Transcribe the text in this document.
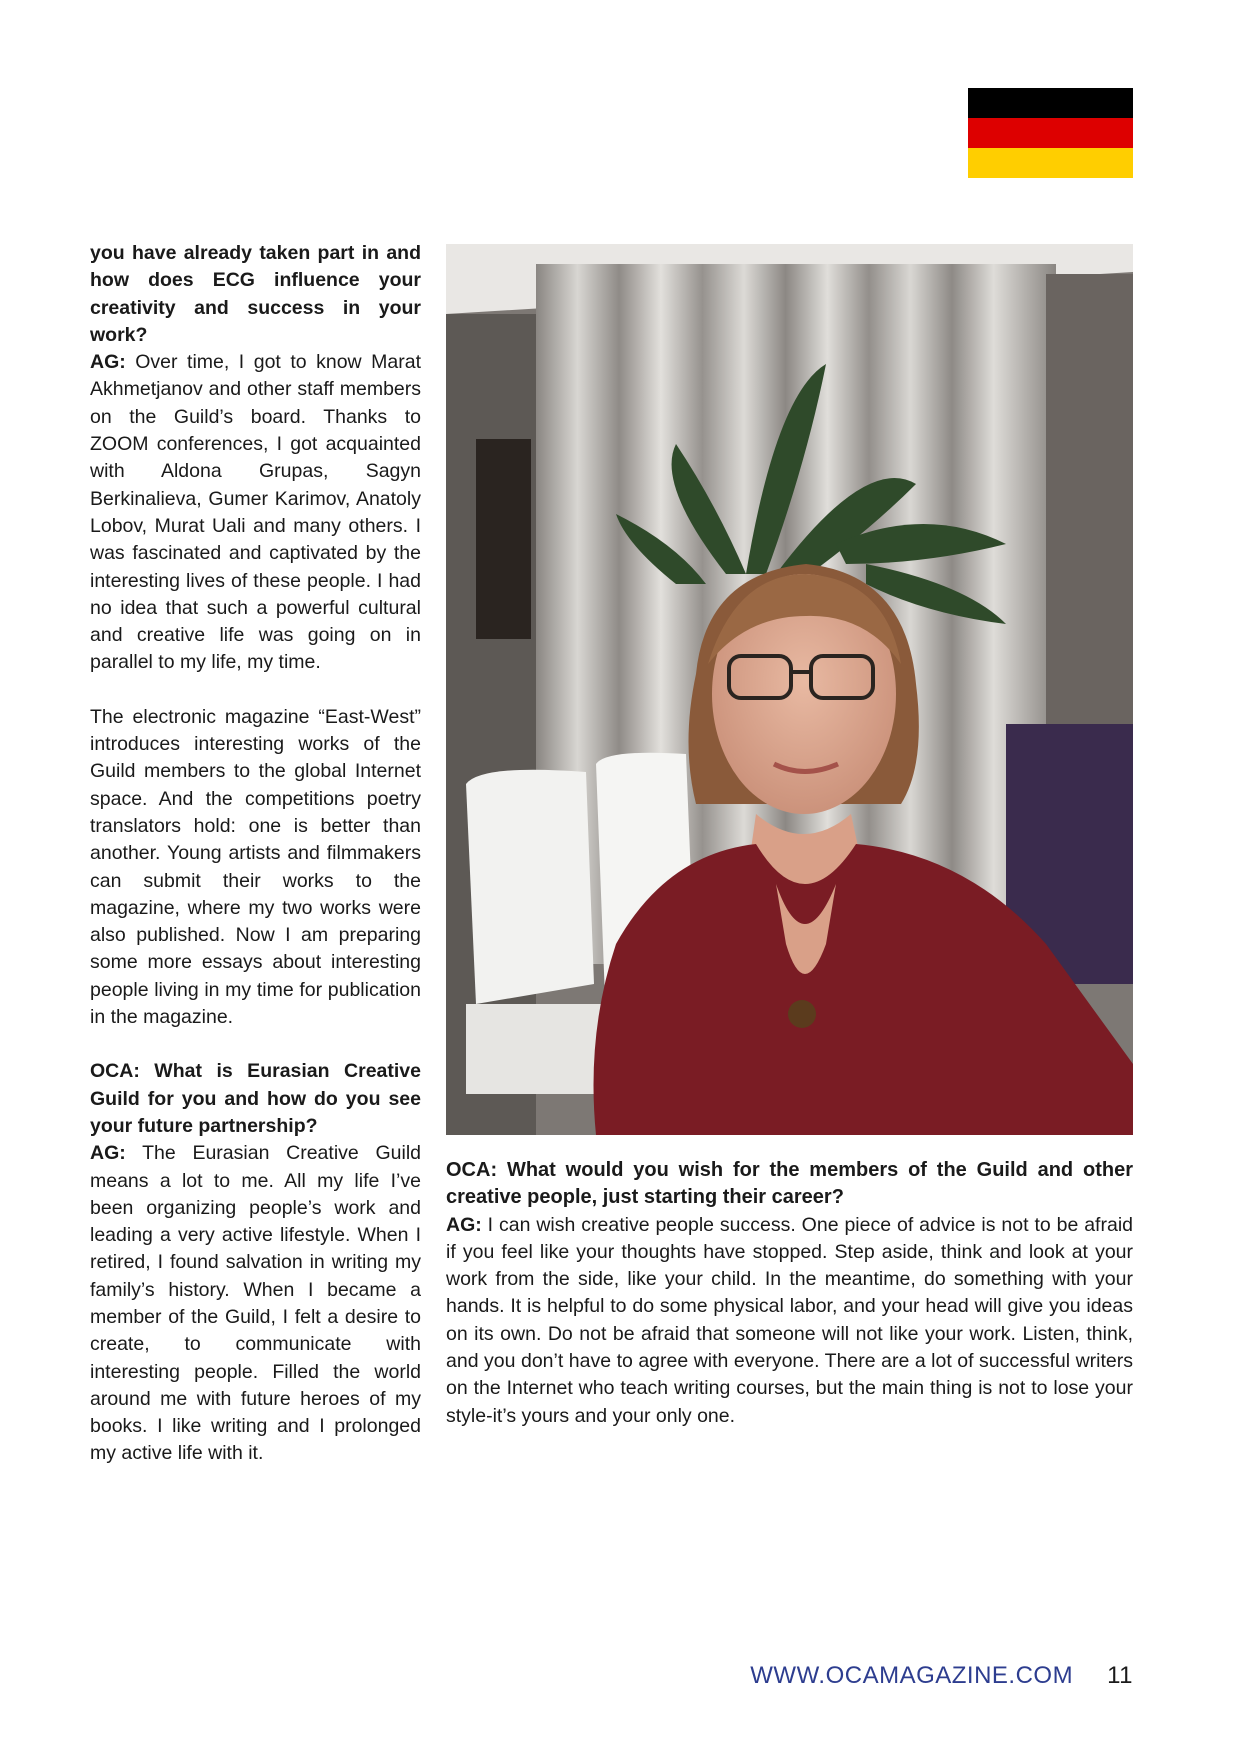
you have already taken part in and how does ECG influence your creativity and success in your work?
AG: Over time, I got to know Marat Akhmetjanov and other staff members on the Guild’s board. Thanks to ZOOM conferences, I got acquainted with Aldona Grupas, Sagyn Berkinalieva, Gumer Karimov, Anatoly Lobov, Murat Uali and many others. I was fascinated and captivated by the interesting lives of these people. I had no idea that such a powerful cultural and creative life was going on in parallel to my life, my time.

The electronic magazine “East-West” introduces interesting works of the Guild members to the global Internet space. And the competitions poetry translators hold: one is better than another. Young artists and filmmakers can submit their works to the magazine, where my two works were also published. Now I am preparing some more essays about interesting people living in my time for publication in the magazine.

OCA: What is Eurasian Creative Guild for you and how do you see your future partnership?
AG: The Eurasian Creative Guild means a lot to me. All my life I’ve been organizing people’s work and leading a very active lifestyle. When I retired, I found salvation in writing my family’s history. When I became a member of the Guild, I felt a desire to create, to communicate with interesting people. Filled the world around me with future heroes of my books. I like writing and I prolonged my active life with it.

OCA: What would you wish for the members of the Guild and other creative people, just starting their career?
AG: I can wish creative people success. One piece of advice is not to be afraid if you feel like your thoughts have stopped. Step aside, think and look at your work from the side, like your child. In the meantime, do something with your hands. It is helpful to do some physical labor, and your head will give you ideas on its own. Do not be afraid that someone will not like your work. Listen, think, and you don’t have to agree with everyone. There are a lot of successful writers on the Internet who teach writing courses, but the main thing is not to lose your style-it’s yours and your only one.
WWW.OCAMAGAZINE.COM 11
